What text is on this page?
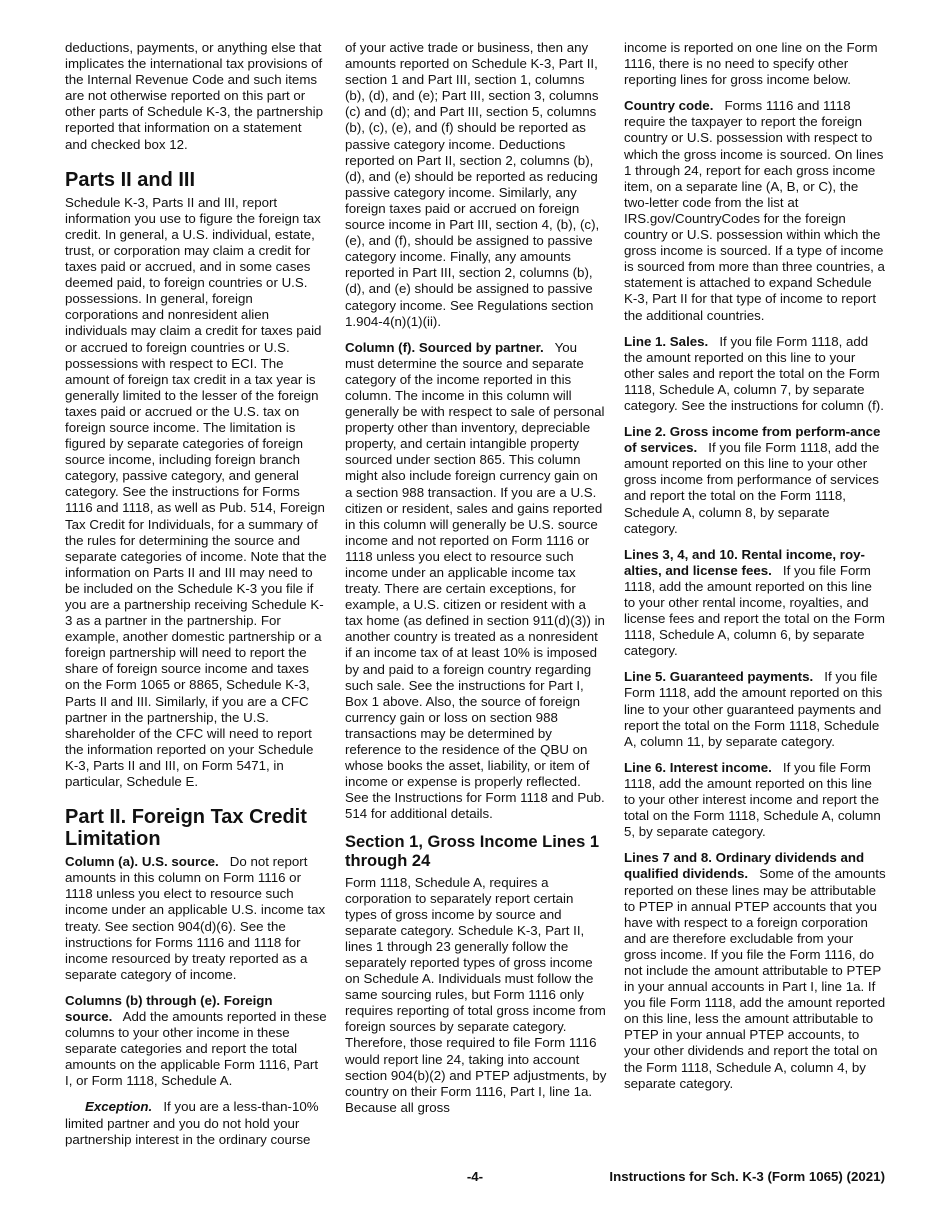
deductions, payments, or anything else that implicates the international tax provisions of the Internal Revenue Code and such items are not otherwise reported on this part or other parts of Schedule K-3, the partnership reported that information on a statement and checked box 12.

Parts II and III

Schedule K-3, Parts II and III, report information you use to figure the foreign tax credit. In general, a U.S. individual, estate, trust, or corporation may claim a credit for taxes paid or accrued, and in some cases deemed paid, to foreign countries or U.S. possessions. In general, foreign corporations and nonresident alien individuals may claim a credit for taxes paid or accrued to foreign countries or U.S. possessions with respect to ECI. The amount of foreign tax credit in a tax year is generally limited to the lesser of the foreign taxes paid or accrued or the U.S. tax on foreign source income. The limitation is figured by separate categories of foreign source income, including foreign branch category, passive category, and general category. See the instructions for Forms 1116 and 1118, as well as Pub. 514, Foreign Tax Credit for Individuals, for a summary of the rules for determining the source and separate categories of income. Note that the information on Parts II and III may need to be included on the Schedule K-3 you file if you are a partnership receiving Schedule K-3 as a partner in the partnership. For example, another domestic partnership or a foreign partnership will need to report the share of foreign source income and taxes on the Form 1065 or 8865, Schedule K-3, Parts II and III. Similarly, if you are a CFC partner in the partnership, the U.S. shareholder of the CFC will need to report the information reported on your Schedule K-3, Parts II and III, on Form 5471, in particular, Schedule E.

Part II. Foreign Tax Credit Limitation

Column (a). U.S. source. Do not report amounts in this column on Form 1116 or 1118 unless you elect to resource such income under an applicable U.S. income tax treaty. See section 904(d)(6). See the instructions for Forms 1116 and 1118 for income resourced by treaty reported as a separate category of income.

Columns (b) through (e). Foreign source. Add the amounts reported in these columns to your other income in these separate categories and report the total amounts on the applicable Form 1116, Part I, or Form 1118, Schedule A.

Exception. If you are a less-than-10% limited partner and you do not hold your partnership interest in the ordinary course

of your active trade or business, then any amounts reported on Schedule K-3, Part II, section 1 and Part III, section 1, columns (b), (d), and (e); Part III, section 3, columns (c) and (d); and Part III, section 5, columns (b), (c), (e), and (f) should be reported as passive category income. Deductions reported on Part II, section 2, columns (b), (d), and (e) should be reported as reducing passive category income. Similarly, any foreign taxes paid or accrued on foreign source income in Part III, section 4, (b), (c), (e), and (f), should be assigned to passive category income. Finally, any amounts reported in Part III, section 2, columns (b), (d), and (e) should be assigned to passive category income. See Regulations section 1.904-4(n)(1)(ii).

Column (f). Sourced by partner. You must determine the source and separate category of the income reported in this column. The income in this column will generally be with respect to sale of personal property other than inventory, depreciable property, and certain intangible property sourced under section 865. This column might also include foreign currency gain on a section 988 transaction. If you are a U.S. citizen or resident, sales and gains reported in this column will generally be U.S. source income and not reported on Form 1116 or 1118 unless you elect to resource such income under an applicable income tax treaty. There are certain exceptions, for example, a U.S. citizen or resident with a tax home (as defined in section 911(d)(3)) in another country is treated as a nonresident if an income tax of at least 10% is imposed by and paid to a foreign country regarding such sale. See the instructions for Part I, Box 1 above. Also, the source of foreign currency gain or loss on section 988 transactions may be determined by reference to the residence of the QBU on whose books the asset, liability, or item of income or expense is properly reflected. See the Instructions for Form 1118 and Pub. 514 for additional details.

Section 1, Gross Income Lines 1 through 24

Form 1118, Schedule A, requires a corporation to separately report certain types of gross income by source and separate category. Schedule K-3, Part II, lines 1 through 23 generally follow the separately reported types of gross income on Schedule A. Individuals must follow the same sourcing rules, but Form 1116 only requires reporting of total gross income from foreign sources by separate category. Therefore, those required to file Form 1116 would report line 24, taking into account section 904(b)(2) and PTEP adjustments, by country on their Form 1116, Part I, line 1a. Because all gross

income is reported on one line on the Form 1116, there is no need to specify other reporting lines for gross income below.

Country code. Forms 1116 and 1118 require the taxpayer to report the foreign country or U.S. possession with respect to which the gross income is sourced. On lines 1 through 24, report for each gross income item, on a separate line (A, B, or C), the two-letter code from the list at IRS.gov/CountryCodes for the foreign country or U.S. possession within which the gross income is sourced. If a type of income is sourced from more than three countries, a statement is attached to expand Schedule K-3, Part II for that type of income to report the additional countries.

Line 1. Sales. If you file Form 1118, add the amount reported on this line to your other sales and report the total on the Form 1118, Schedule A, column 7, by separate category. See the instructions for column (f).

Line 2. Gross income from perform-ance of services. If you file Form 1118, add the amount reported on this line to your other gross income from performance of services and report the total on the Form 1118, Schedule A, column 8, by separate category.

Lines 3, 4, and 10. Rental income, roy-alties, and license fees. If you file Form 1118, add the amount reported on this line to your other rental income, royalties, and license fees and report the total on the Form 1118, Schedule A, column 6, by separate category.

Line 5. Guaranteed payments. If you file Form 1118, add the amount reported on this line to your other guaranteed payments and report the total on the Form 1118, Schedule A, column 11, by separate category.

Line 6. Interest income. If you file Form 1118, add the amount reported on this line to your other interest income and report the total on the Form 1118, Schedule A, column 5, by separate category.

Lines 7 and 8. Ordinary dividends and qualified dividends. Some of the amounts reported on these lines may be attributable to PTEP in annual PTEP accounts that you have with respect to a foreign corporation and are therefore excludable from your gross income. If you file the Form 1116, do not include the amount attributable to PTEP in your annual accounts in Part I, line 1a. If you file Form 1118, add the amount reported on this line, less the amount attributable to PTEP in your annual PTEP accounts, to your other dividends and report the total on the Form 1118, Schedule A, column 4, by separate category.

-4-	Instructions for Sch. K-3 (Form 1065) (2021)
